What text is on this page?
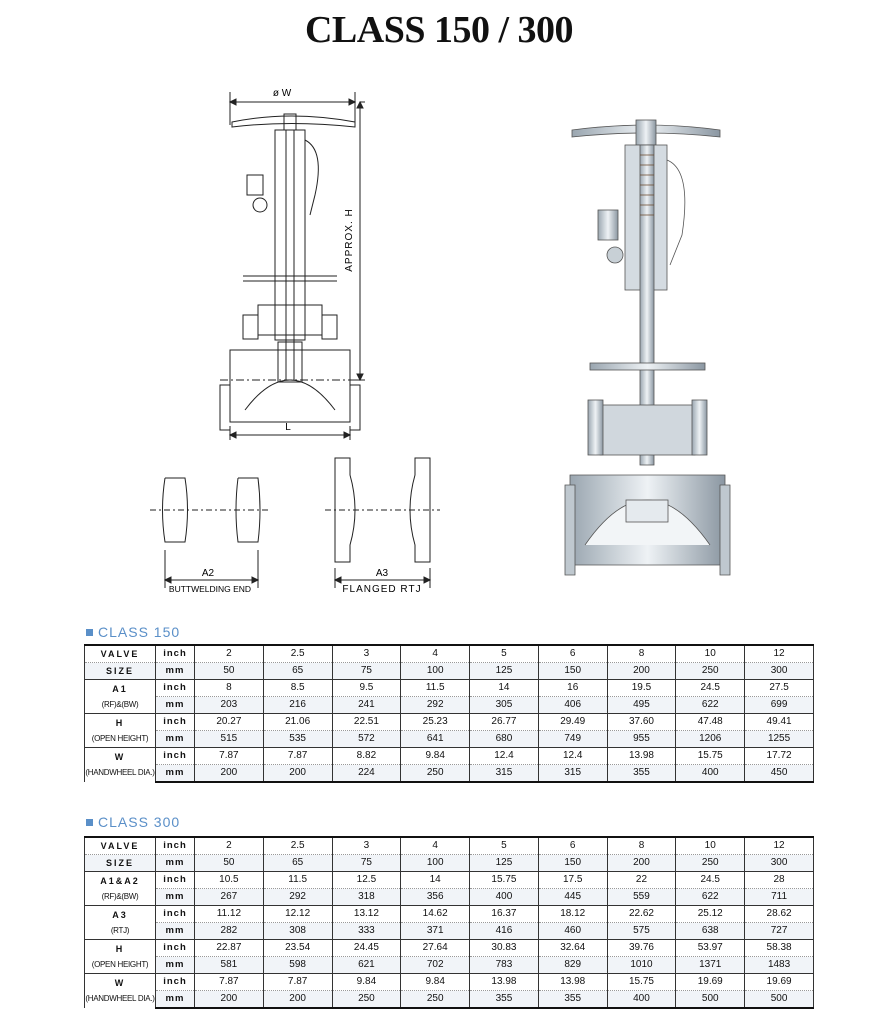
CLASS 150 / 300
ø W
APPROX. H
L
A2
BUTTWELDING END
A3
FLANGED RTJ
CLASS 150
VALVE	inch	2	2.5	3	4	5	6	8	10	12

SIZE	mm	50	65	75	100	125	150	200	250	300

A1
(RF)&(BW)	inch	8	8.5	9.5	11.5	14	16	19.5	24.5	27.5
	mm	203	216	241	292	305	406	495	622	699

H
(OPEN HEIGHT)	inch	20.27	21.06	22.51	25.23	26.77	29.49	37.60	47.48	49.41
	mm	515	535	572	641	680	749	955	1206	1255

W
(HANDWHEEL DIA.)	inch	7.87	7.87	8.82	9.84	12.4	12.4	13.98	15.75	17.72
	mm	200	200	224	250	315	315	355	400	450
CLASS 300
VALVE	inch	2	2.5	3	4	5	6	8	10	12

SIZE	mm	50	65	75	100	125	150	200	250	300

A1&A2
(RF)&(BW)	inch	10.5	11.5	12.5	14	15.75	17.5	22	24.5	28
	mm	267	292	318	356	400	445	559	622	711

A3
(RTJ)	inch	11.12	12.12	13.12	14.62	16.37	18.12	22.62	25.12	28.62
	mm	282	308	333	371	416	460	575	638	727

H
(OPEN HEIGHT)	inch	22.87	23.54	24.45	27.64	30.83	32.64	39.76	53.97	58.38
	mm	581	598	621	702	783	829	1010	1371	1483

W
(HANDWHEEL DIA.)	inch	7.87	7.87	9.84	9.84	13.98	13.98	15.75	19.69	19.69
	mm	200	200	250	250	355	355	400	500	500
